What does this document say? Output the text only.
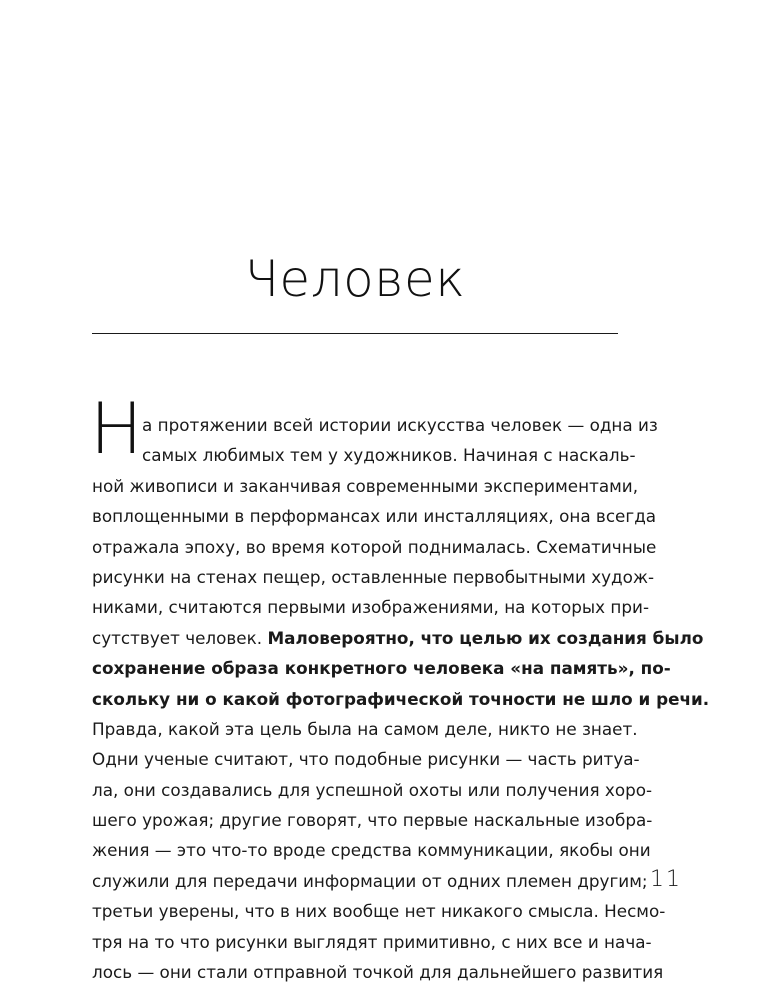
Человек
Н а протяжении всей истории искусства человек — одна из
самых любимых тем у художников. Начиная с наскаль-
ной живописи и заканчивая современными экспериментами,
воплощенными в перформансах или инсталляциях, она всегда
отражала эпоху, во время которой поднималась. Схематичные
рисунки на стенах пещер, оставленные первобытными худож-
никами, считаются первыми изображениями, на которых при-
сутствует человек. Маловероятно, что целью их создания было
сохранение образа конкретного человека «на память», по-
скольку ни о какой фотографической точности не шло и речи.
Правда, какой эта цель была на самом деле, никто не знает.
Одни ученые считают, что подобные рисунки — часть ритуа-
ла, они создавались для успешной охоты или получения хоро-
шего урожая; другие говорят, что первые наскальные изобра-
жения — это что-то вроде средства коммуникации, якобы они
служили для передачи информации от одних племен другим;
третьи уверены, что в них вообще нет никакого смысла. Несмо-
тря на то что рисунки выглядят примитивно, с них все и нача-
лось — они стали отправной точкой для дальнейшего развития
11
